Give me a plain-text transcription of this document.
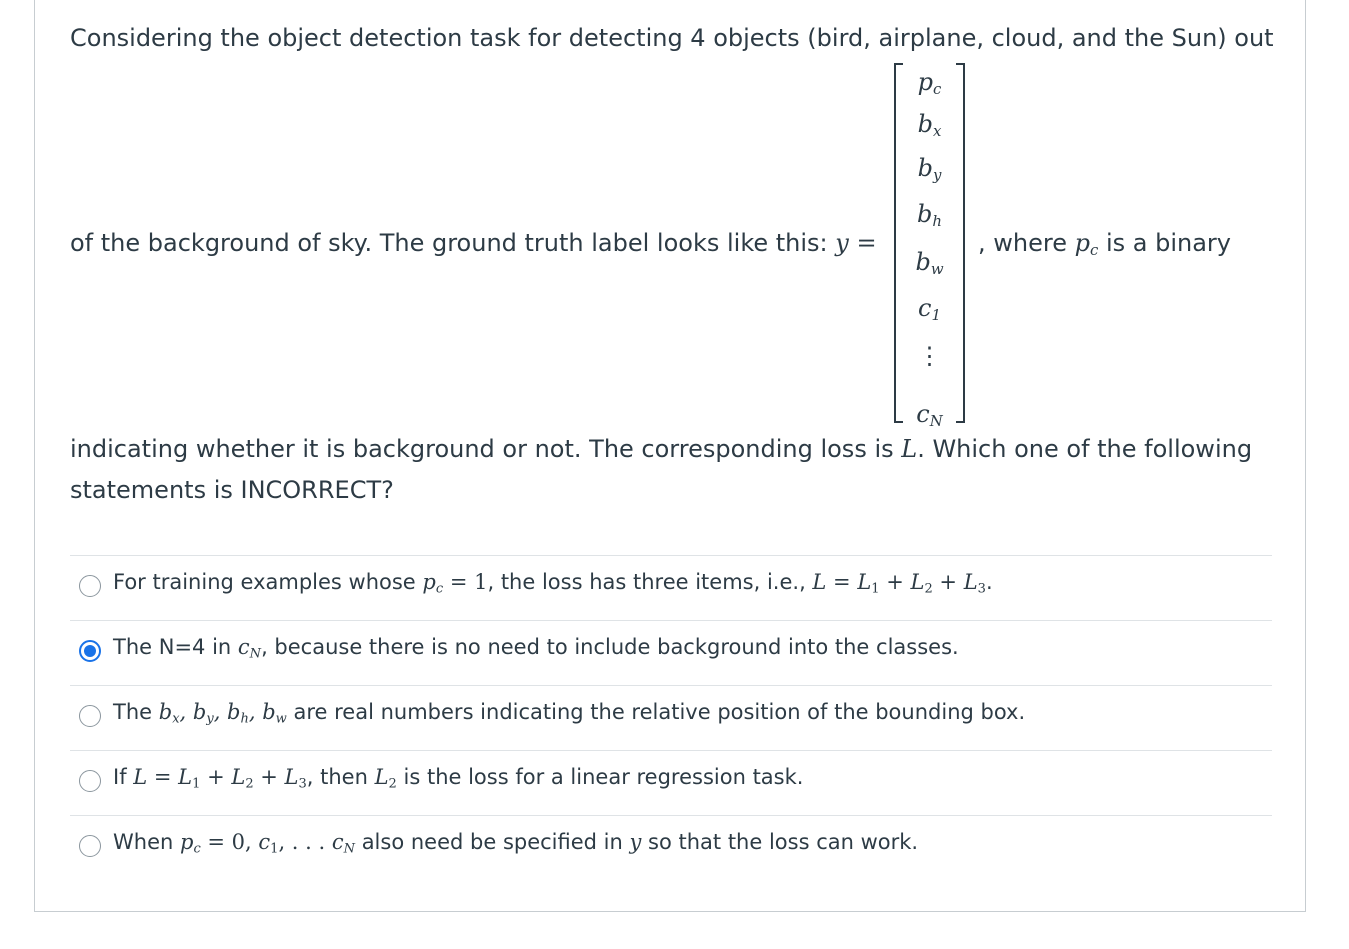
Considering the object detection task for detecting 4 objects (bird, airplane, cloud, and the Sun) out
of the background of sky. The ground truth label looks like this: y =
$p_c$
$b_x$
$b_y$
$b_h$
$b_w$
$c_1$
⋮
$c_N$
, where $p_c$ is a binary
indicating whether it is background or not. The corresponding loss is L. Which one of the following
statements is INCORRECT?
For training examples whose $p_c = 1$, the loss has three items, i.e., $L = L_1 + L_2 + L_3$.
The N=4 in $c_N$, because there is no need to include background into the classes.
The $b_x$, $b_y$, $b_h$, $b_w$ are real numbers indicating the relative position of the bounding box.
If $L = L_1 + L_2 + L_3$, then $L_2$ is the loss for a linear regression task.
When $p_c = 0$, $c_1$, . . . $c_N$ also need be specified in y so that the loss can work.
